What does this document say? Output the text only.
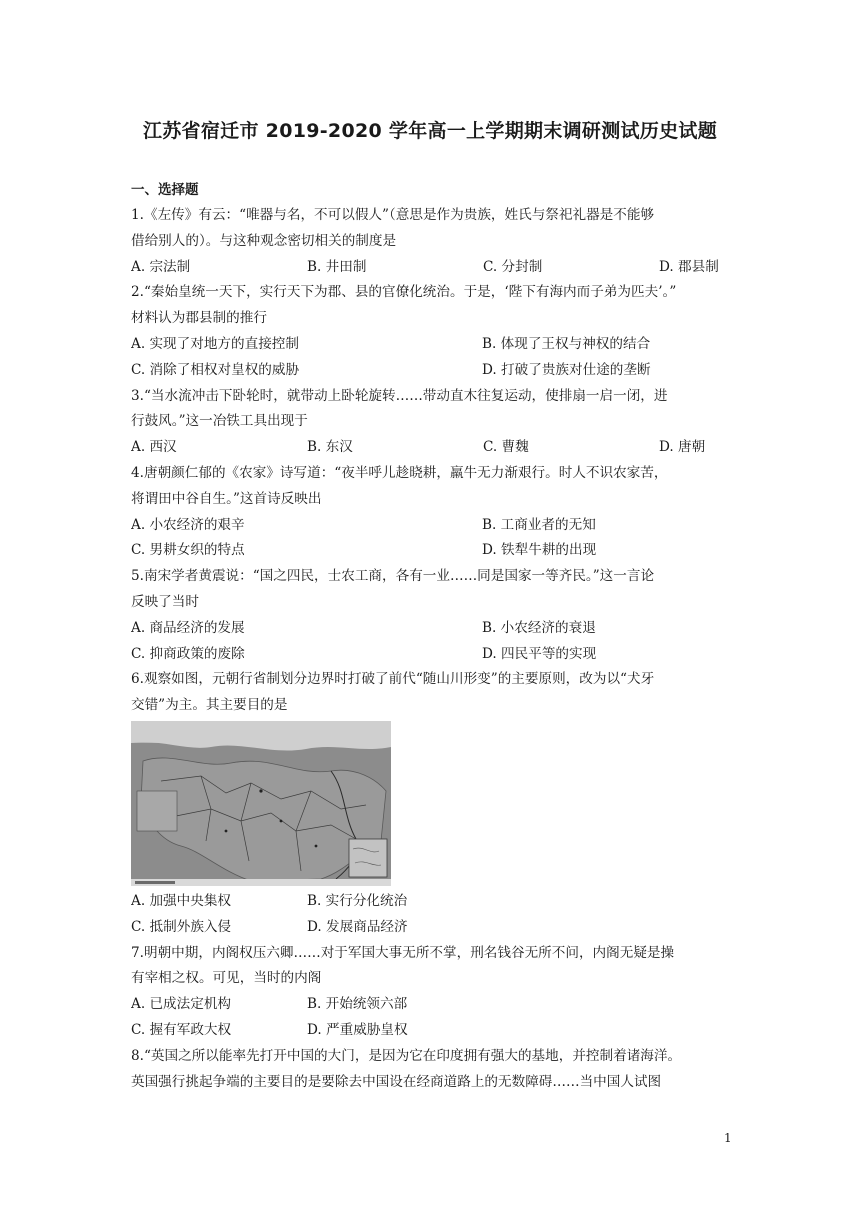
江苏省宿迁市 2019-2020 学年高一上学期期末调研测试历史试题
一、选择题
1.《左传》有云：“唯器与名，不可以假人”（意思是作为贵族，姓氏与祭祀礼器是不能够
借给别人的）。与这种观念密切相关的制度是
A. 宗法制	B. 井田制	C. 分封制	D. 郡县制
2.“秦始皇统一天下，实行天下为郡、县的官僚化统治。于是，‘陛下有海内而子弟为匹夫’。”
材料认为郡县制的推行
A. 实现了对地方的直接控制	B. 体现了王权与神权的结合
C. 消除了相权对皇权的威胁	D. 打破了贵族对仕途的垄断
3.“当水流冲击下卧轮时，就带动上卧轮旋转……带动直木往复运动，使排扇一启一闭，进
行鼓风。”这一冶铁工具出现于
A. 西汉	B. 东汉	C. 曹魏	D. 唐朝
4.唐朝颜仁郁的《农家》诗写道：“夜半呼儿趁晓耕，羸牛无力渐艰行。时人不识农家苦，
将谓田中谷自生。”这首诗反映出
A. 小农经济的艰辛	B. 工商业者的无知
C. 男耕女织的特点	D. 铁犁牛耕的出现
5.南宋学者黄震说：“国之四民，士农工商，各有一业……同是国家一等齐民。”这一言论
反映了当时
A. 商品经济的发展	B. 小农经济的衰退
C. 抑商政策的废除	D. 四民平等的实现
6.观察如图，元朝行省制划分边界时打破了前代“随山川形变”的主要原则，改为以“犬牙
交错”为主。其主要目的是
A. 加强中央集权	B. 实行分化统治
C. 抵制外族入侵	D. 发展商品经济
7.明朝中期，内阁权压六卿……对于军国大事无所不掌，刑名钱谷无所不问，内阁无疑是操
有宰相之权。可见，当时的内阁
A. 已成法定机构	B. 开始统领六部
C. 握有军政大权	D. 严重威胁皇权
8.“英国之所以能率先打开中国的大门，是因为它在印度拥有强大的基地，并控制着诸海洋。
英国强行挑起争端的主要目的是要除去中国设在经商道路上的无数障碍……当中国人试图
1
